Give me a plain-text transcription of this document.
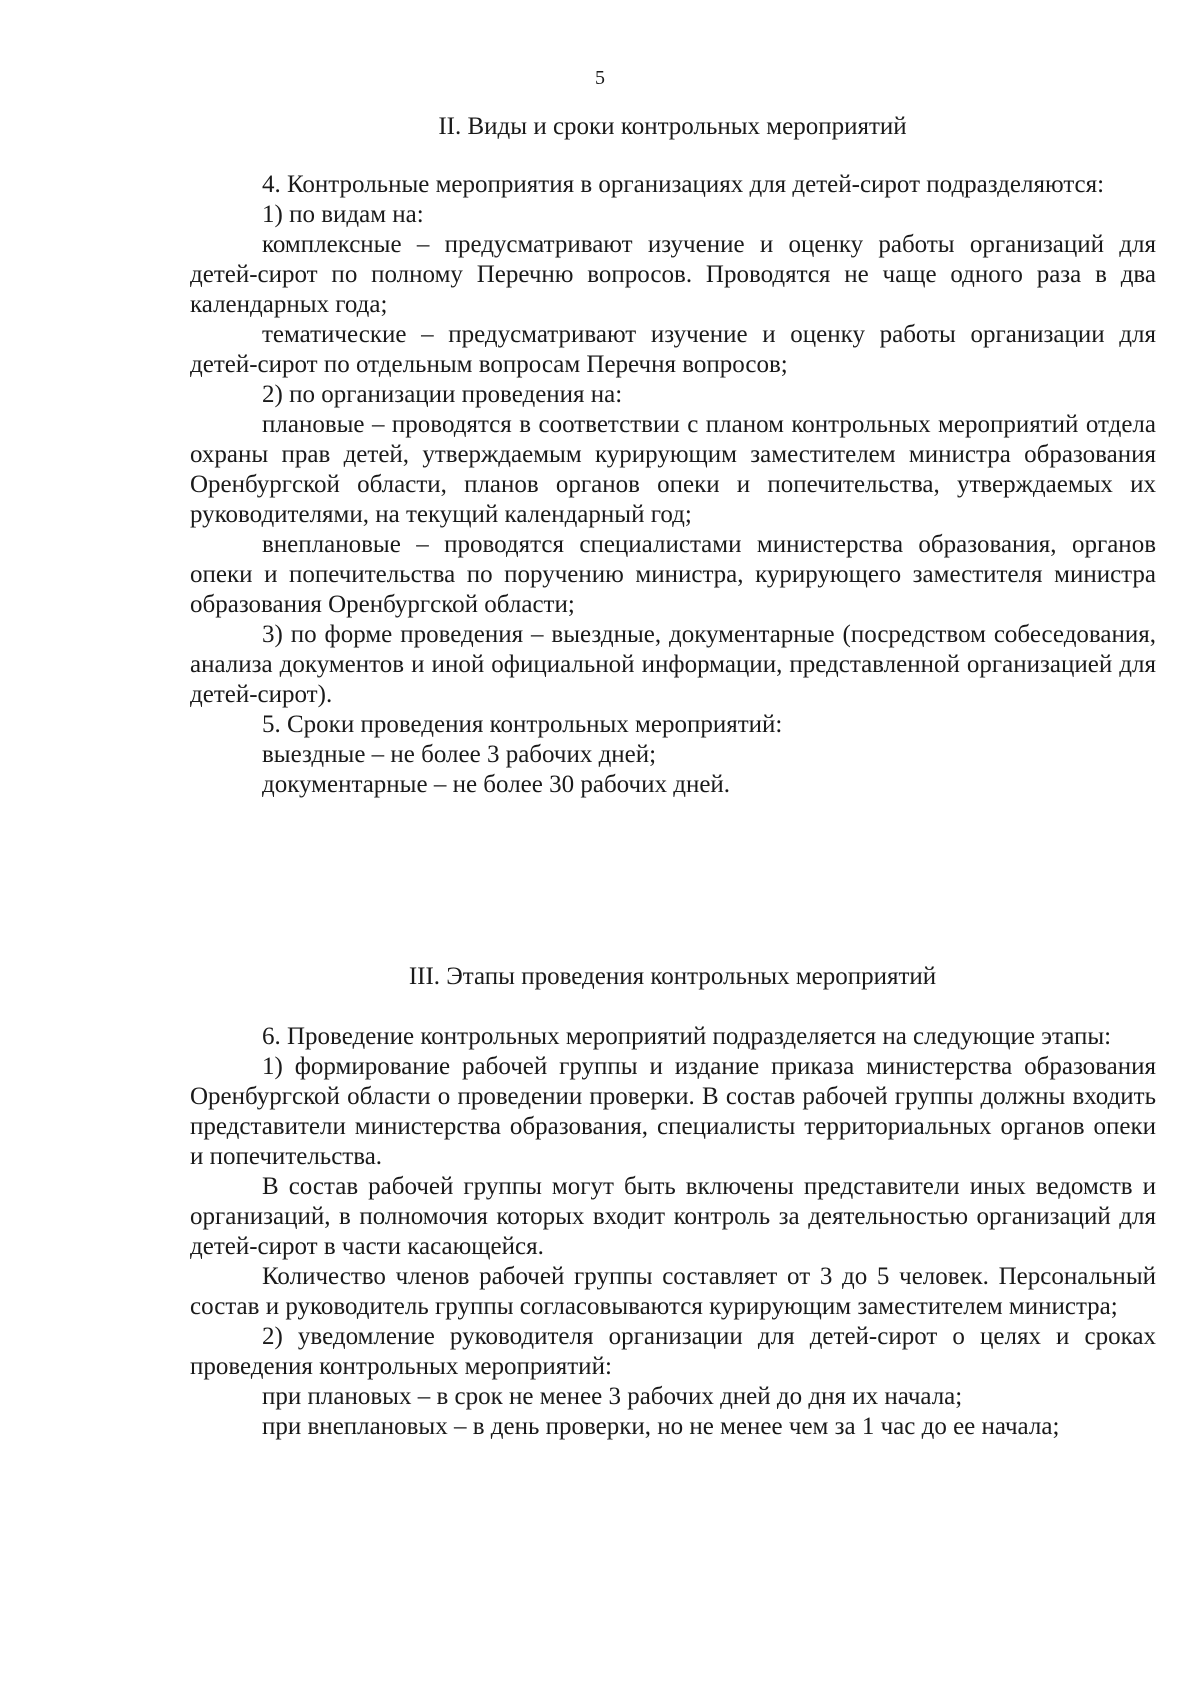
5
II. Виды и сроки контрольных мероприятий

4. Контрольные мероприятия в организациях для детей-сирот подразделяются:

1) по видам на:

комплексные – предусматривают изучение и оценку работы организаций для детей-сирот по полному Перечню вопросов. Проводятся не чаще одного раза в два календарных года;

тематические – предусматривают изучение и оценку работы организации для детей-сирот по отдельным вопросам Перечня вопросов;

2) по организации проведения на:

плановые – проводятся в соответствии с планом контрольных мероприятий отдела охраны прав детей, утверждаемым курирующим заместителем министра образования Оренбургской области, планов органов опеки и попечительства, утверждаемых их руководителями, на текущий календарный год;

внеплановые – проводятся специалистами министерства образования, органов опеки и попечительства по поручению министра, курирующего заместителя министра образования Оренбургской области;

3) по форме проведения – выездные, документарные (посредством собеседования, анализа документов и иной официальной информации, представленной организацией для детей-сирот).

5. Сроки проведения контрольных мероприятий:

выездные – не более 3 рабочих дней;

документарные – не более 30 рабочих дней.

III. Этапы проведения контрольных мероприятий

6. Проведение контрольных мероприятий подразделяется на следующие этапы:

1) формирование рабочей группы и издание приказа министерства образования Оренбургской области о проведении проверки. В состав рабочей группы должны входить представители министерства образования, специалисты территориальных органов опеки и попечительства.

В состав рабочей группы могут быть включены представители иных ведомств и организаций, в полномочия которых входит контроль за деятельностью организаций для детей-сирот в части касающейся.

Количество членов рабочей группы составляет от 3 до 5 человек. Персональный состав и руководитель группы согласовываются курирующим заместителем министра;

2) уведомление руководителя организации для детей-сирот о целях и сроках проведения контрольных мероприятий:

при плановых – в срок не менее 3 рабочих дней до дня их начала;

при внеплановых – в день проверки, но не менее чем за 1 час до ее начала;
